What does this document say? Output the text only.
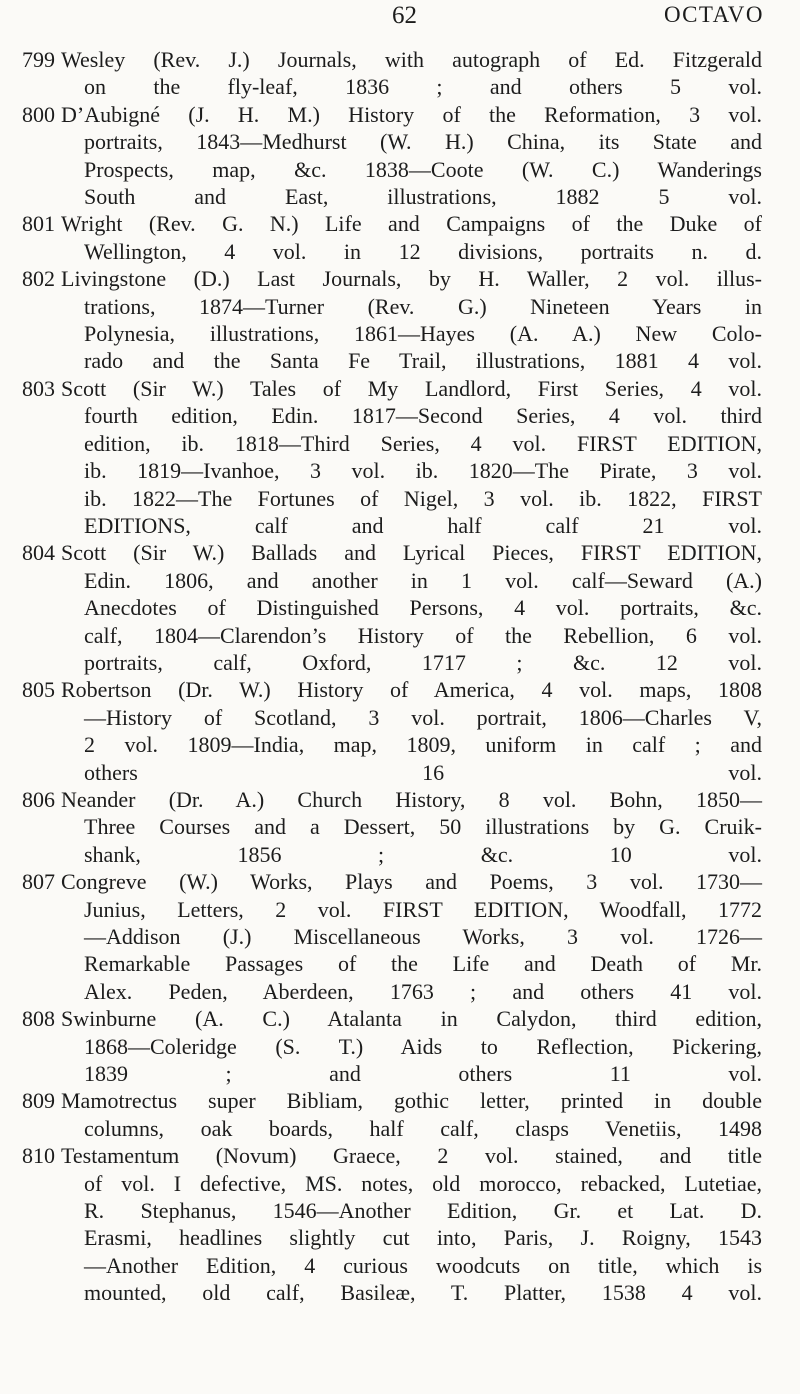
62	OCTAVO
799 Wesley (Rev. J.) Journals, with autograph of Ed. Fitzgerald
on the fly-leaf, 1836 ; and others 5 vol.
800 D’Aubigné (J. H. M.) History of the Reformation, 3 vol.
portraits, 1843—Medhurst (W. H.) China, its State and
Prospects, map, &c. 1838—Coote (W. C.) Wanderings
South and East, illustrations, 1882 5 vol.
801 Wright (Rev. G. N.) Life and Campaigns of the Duke of
Wellington, 4 vol. in 12 divisions, portraits n. d.
802 Livingstone (D.) Last Journals, by H. Waller, 2 vol. illus-
trations, 1874—Turner (Rev. G.) Nineteen Years in
Polynesia, illustrations, 1861—Hayes (A. A.) New Colo-
rado and the Santa Fe Trail, illustrations, 1881 4 vol.
803 Scott (Sir W.) Tales of My Landlord, First Series, 4 vol.
fourth edition, Edin. 1817—Second Series, 4 vol. third
edition, ib. 1818—Third Series, 4 vol. FIRST EDITION,
ib. 1819—Ivanhoe, 3 vol. ib. 1820—The Pirate, 3 vol.
ib. 1822—The Fortunes of Nigel, 3 vol. ib. 1822, FIRST
EDITIONS, calf and half calf 21 vol.
804 Scott (Sir W.) Ballads and Lyrical Pieces, FIRST EDITION,
Edin. 1806, and another in 1 vol. calf—Seward (A.)
Anecdotes of Distinguished Persons, 4 vol. portraits, &c.
calf, 1804—Clarendon’s History of the Rebellion, 6 vol.
portraits, calf, Oxford, 1717 ; &c. 12 vol.
805 Robertson (Dr. W.) History of America, 4 vol. maps, 1808
—History of Scotland, 3 vol. portrait, 1806—Charles V,
2 vol. 1809—India, map, 1809, uniform in calf ; and
others 16 vol.
806 Neander (Dr. A.) Church History, 8 vol. Bohn, 1850—
Three Courses and a Dessert, 50 illustrations by G. Cruik-
shank, 1856 ; &c. 10 vol.
807 Congreve (W.) Works, Plays and Poems, 3 vol. 1730—
Junius, Letters, 2 vol. FIRST EDITION, Woodfall, 1772
—Addison (J.) Miscellaneous Works, 3 vol. 1726—
Remarkable Passages of the Life and Death of Mr.
Alex. Peden, Aberdeen, 1763 ; and others 41 vol.
808 Swinburne (A. C.) Atalanta in Calydon, third edition,
1868—Coleridge (S. T.) Aids to Reflection, Pickering,
1839 ; and others 11 vol.
809 Mamotrectus super Bibliam, gothic letter, printed in double
columns, oak boards, half calf, clasps Venetiis, 1498
810 Testamentum (Novum) Graece, 2 vol. stained, and title
of vol. I defective, MS. notes, old morocco, rebacked, Lutetiae,
R. Stephanus, 1546—Another Edition, Gr. et Lat. D.
Erasmi, headlines slightly cut into, Paris, J. Roigny, 1543
—Another Edition, 4 curious woodcuts on title, which is
mounted, old calf, Basileæ, T. Platter, 1538 4 vol.
